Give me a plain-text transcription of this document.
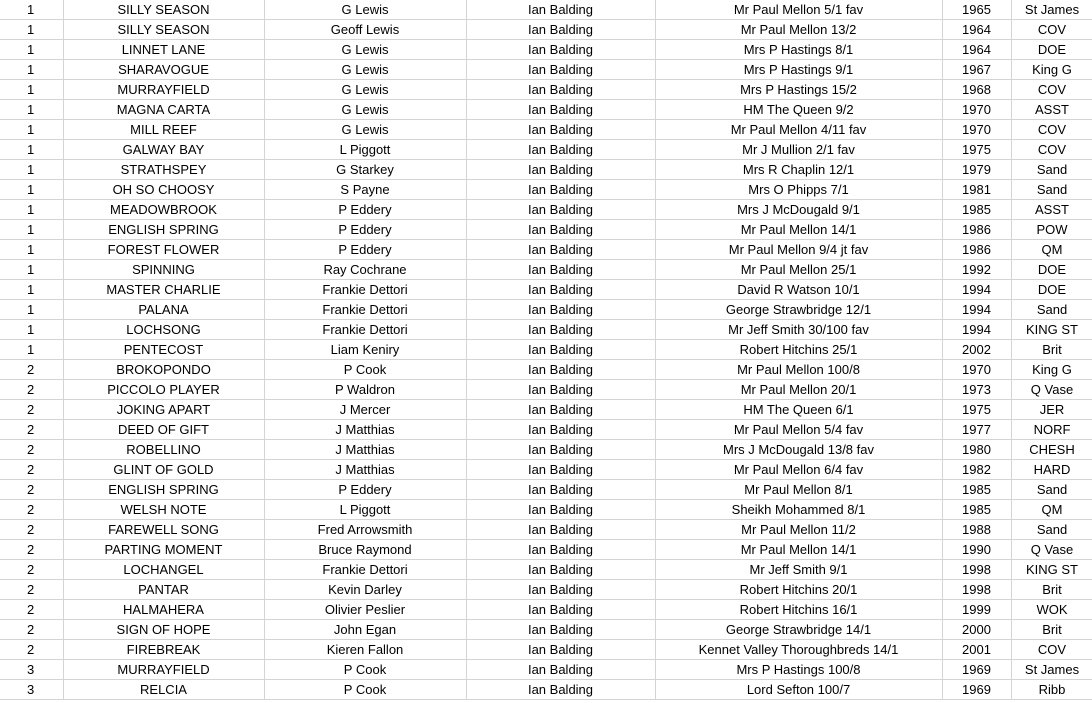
1	SILLY SEASON	G Lewis	Ian Balding	Mr Paul Mellon 5/1 fav	1965	St James
1	SILLY SEASON	Geoff Lewis	Ian Balding	Mr Paul Mellon 13/2	1964	COV
1	LINNET LANE	G Lewis	Ian Balding	Mrs P Hastings 8/1	1964	DOE
1	SHARAVOGUE	G Lewis	Ian Balding	Mrs P Hastings 9/1	1967	King G
1	MURRAYFIELD	G Lewis	Ian Balding	Mrs P Hastings 15/2	1968	COV
1	MAGNA CARTA	G Lewis	Ian Balding	HM The Queen 9/2	1970	ASST
1	MILL REEF	G Lewis	Ian Balding	Mr Paul Mellon 4/11 fav	1970	COV
1	GALWAY BAY	L Piggott	Ian Balding	Mr J Mullion 2/1 fav	1975	COV
1	STRATHSPEY	G Starkey	Ian Balding	Mrs R Chaplin 12/1	1979	Sand
1	OH SO CHOOSY	S Payne	Ian Balding	Mrs O Phipps 7/1	1981	Sand
1	MEADOWBROOK	P Eddery	Ian Balding	Mrs J McDougald 9/1	1985	ASST
1	ENGLISH SPRING	P Eddery	Ian Balding	Mr Paul Mellon 14/1	1986	POW
1	FOREST FLOWER	P Eddery	Ian Balding	Mr Paul Mellon 9/4 jt fav	1986	QM
1	SPINNING	Ray Cochrane	Ian Balding	Mr Paul Mellon 25/1	1992	DOE
1	MASTER CHARLIE	Frankie Dettori	Ian Balding	David R Watson 10/1	1994	DOE
1	PALANA	Frankie Dettori	Ian Balding	George Strawbridge 12/1	1994	Sand
1	LOCHSONG	Frankie Dettori	Ian Balding	Mr Jeff Smith 30/100 fav	1994	KING ST
1	PENTECOST	Liam Keniry	Ian Balding	Robert Hitchins 25/1	2002	Brit
2	BROKOPONDO	P Cook	Ian Balding	Mr Paul Mellon 100/8	1970	King G
2	PICCOLO PLAYER	P Waldron	Ian Balding	Mr Paul Mellon 20/1	1973	Q Vase
2	JOKING APART	J Mercer	Ian Balding	HM The Queen 6/1	1975	JER
2	DEED OF GIFT	J Matthias	Ian Balding	Mr Paul Mellon 5/4 fav	1977	NORF
2	ROBELLINO	J Matthias	Ian Balding	Mrs J McDougald 13/8 fav	1980	CHESH
2	GLINT OF GOLD	J Matthias	Ian Balding	Mr Paul Mellon 6/4 fav	1982	HARD
2	ENGLISH SPRING	P Eddery	Ian Balding	Mr Paul Mellon 8/1	1985	Sand
2	WELSH NOTE	L Piggott	Ian Balding	Sheikh Mohammed 8/1	1985	QM
2	FAREWELL SONG	Fred Arrowsmith	Ian Balding	Mr Paul Mellon 11/2	1988	Sand
2	PARTING MOMENT	Bruce Raymond	Ian Balding	Mr Paul Mellon 14/1	1990	Q Vase
2	LOCHANGEL	Frankie Dettori	Ian Balding	Mr Jeff Smith 9/1	1998	KING ST
2	PANTAR	Kevin Darley	Ian Balding	Robert Hitchins 20/1	1998	Brit
2	HALMAHERA	Olivier Peslier	Ian Balding	Robert Hitchins 16/1	1999	WOK
2	SIGN OF HOPE	John Egan	Ian Balding	George Strawbridge 14/1	2000	Brit
2	FIREBREAK	Kieren Fallon	Ian Balding	Kennet Valley Thoroughbreds 14/1	2001	COV
3	MURRAYFIELD	P Cook	Ian Balding	Mrs P Hastings 100/8	1969	St James
3	RELCIA	P Cook	Ian Balding	Lord Sefton 100/7	1969	Ribb
